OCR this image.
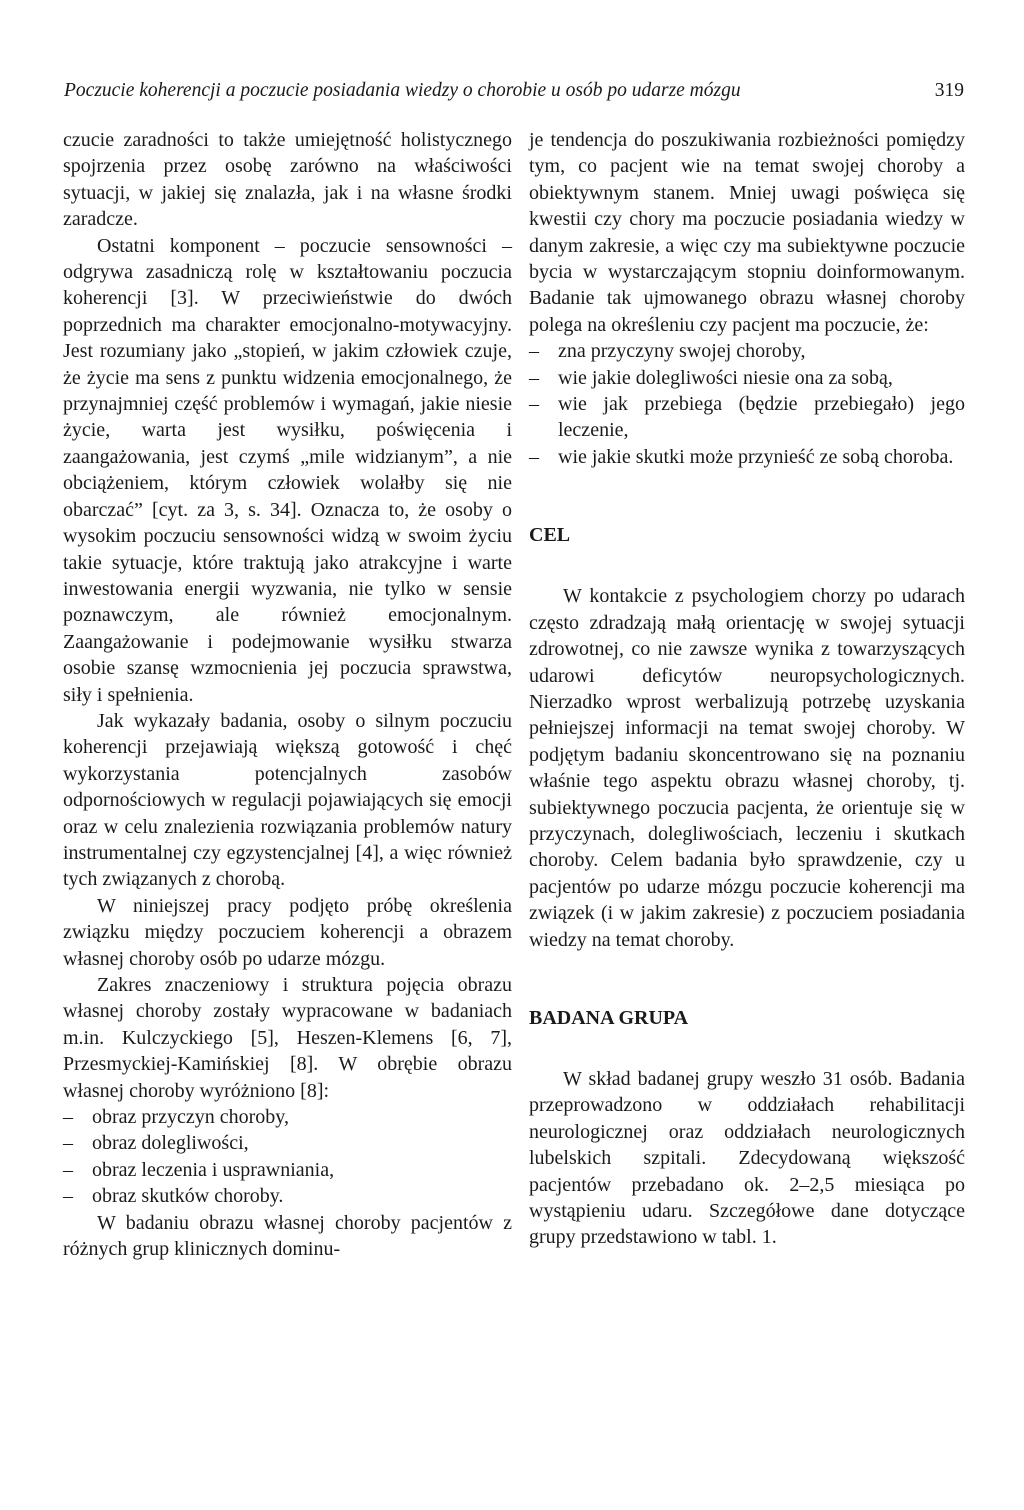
Poczucie koherencji a poczucie posiadania wiedzy o chorobie u osób po udarze mózgu	319

czucie zaradności to także umiejętność holistycznego spojrzenia przez osobę zarówno na właściwości sytuacji, w jakiej się znalazła, jak i na własne środki zaradcze.

Ostatni komponent – poczucie sensowności – odgrywa zasadniczą rolę w kształtowaniu poczucia koherencji [3]. W przeciwieństwie do dwóch poprzednich ma charakter emocjonalno-motywacyjny. Jest rozumiany jako „stopień, w jakim człowiek czuje, że życie ma sens z punktu widzenia emocjonalnego, że przynajmniej część problemów i wymagań, jakie niesie życie, warta jest wysiłku, poświęcenia i zaangażowania, jest czymś „mile widzianym”, a nie obciążeniem, którym człowiek wolałby się nie obarczać” [cyt. za 3, s. 34]. Oznacza to, że osoby o wysokim poczuciu sensowności widzą w swoim życiu takie sytuacje, które traktują jako atrakcyjne i warte inwestowania energii wyzwania, nie tylko w sensie poznawczym, ale również emocjonalnym. Zaangażowanie i podejmowanie wysiłku stwarza osobie szansę wzmocnienia jej poczucia sprawstwa, siły i spełnienia.

Jak wykazały badania, osoby o silnym poczuciu koherencji przejawiają większą gotowość i chęć wykorzystania potencjalnych zasobów odpornościowych w regulacji pojawiających się emocji oraz w celu znalezienia rozwiązania problemów natury instrumentalnej czy egzystencjalnej [4], a więc również tych związanych z chorobą.

W niniejszej pracy podjęto próbę określenia związku między poczuciem koherencji a obrazem własnej choroby osób po udarze mózgu.

Zakres znaczeniowy i struktura pojęcia obrazu własnej choroby zostały wypracowane w badaniach m.in. Kulczyckiego [5], Heszen-Klemens [6, 7], Przesmyckiej-Kamińskiej [8]. W obrębie obrazu własnej choroby wyróżniono [8]:

– obraz przyczyn choroby,
– obraz dolegliwości,
– obraz leczenia i usprawniania,
– obraz skutków choroby.

W badaniu obrazu własnej choroby pacjentów z różnych grup klinicznych dominu-

je tendencja do poszukiwania rozbieżności pomiędzy tym, co pacjent wie na temat swojej choroby a obiektywnym stanem. Mniej uwagi poświęca się kwestii czy chory ma poczucie posiadania wiedzy w danym zakresie, a więc czy ma subiektywne poczucie bycia w wystarczającym stopniu doinformowanym. Badanie tak ujmowanego obrazu własnej choroby polega na określeniu czy pacjent ma poczucie, że:

– zna przyczyny swojej choroby,
– wie jakie dolegliwości niesie ona za sobą,
– wie jak przebiega (będzie przebiegało) jego leczenie,
– wie jakie skutki może przynieść ze sobą choroba.
CEL

W kontakcie z psychologiem chorzy po udarach często zdradzają małą orientację w swojej sytuacji zdrowotnej, co nie zawsze wynika z towarzyszących udarowi deficytów neuropsychologicznych. Nierzadko wprost werbalizują potrzebę uzyskania pełniejszej informacji na temat swojej choroby. W podjętym badaniu skoncentrowano się na poznaniu właśnie tego aspektu obrazu własnej choroby, tj. subiektywnego poczucia pacjenta, że orientuje się w przyczynach, dolegliwościach, leczeniu i skutkach choroby. Celem badania było sprawdzenie, czy u pacjentów po udarze mózgu poczucie koherencji ma związek (i w jakim zakresie) z poczuciem posiadania wiedzy na temat choroby.

BADANA GRUPA

W skład badanej grupy weszło 31 osób. Badania przeprowadzono w oddziałach rehabilitacji neurologicznej oraz oddziałach neurologicznych lubelskich szpitali. Zdecydowaną większość pacjentów przebadano ok. 2–2,5 miesiąca po wystąpieniu udaru. Szczegółowe dane dotyczące grupy przedstawiono w tabl. 1.
